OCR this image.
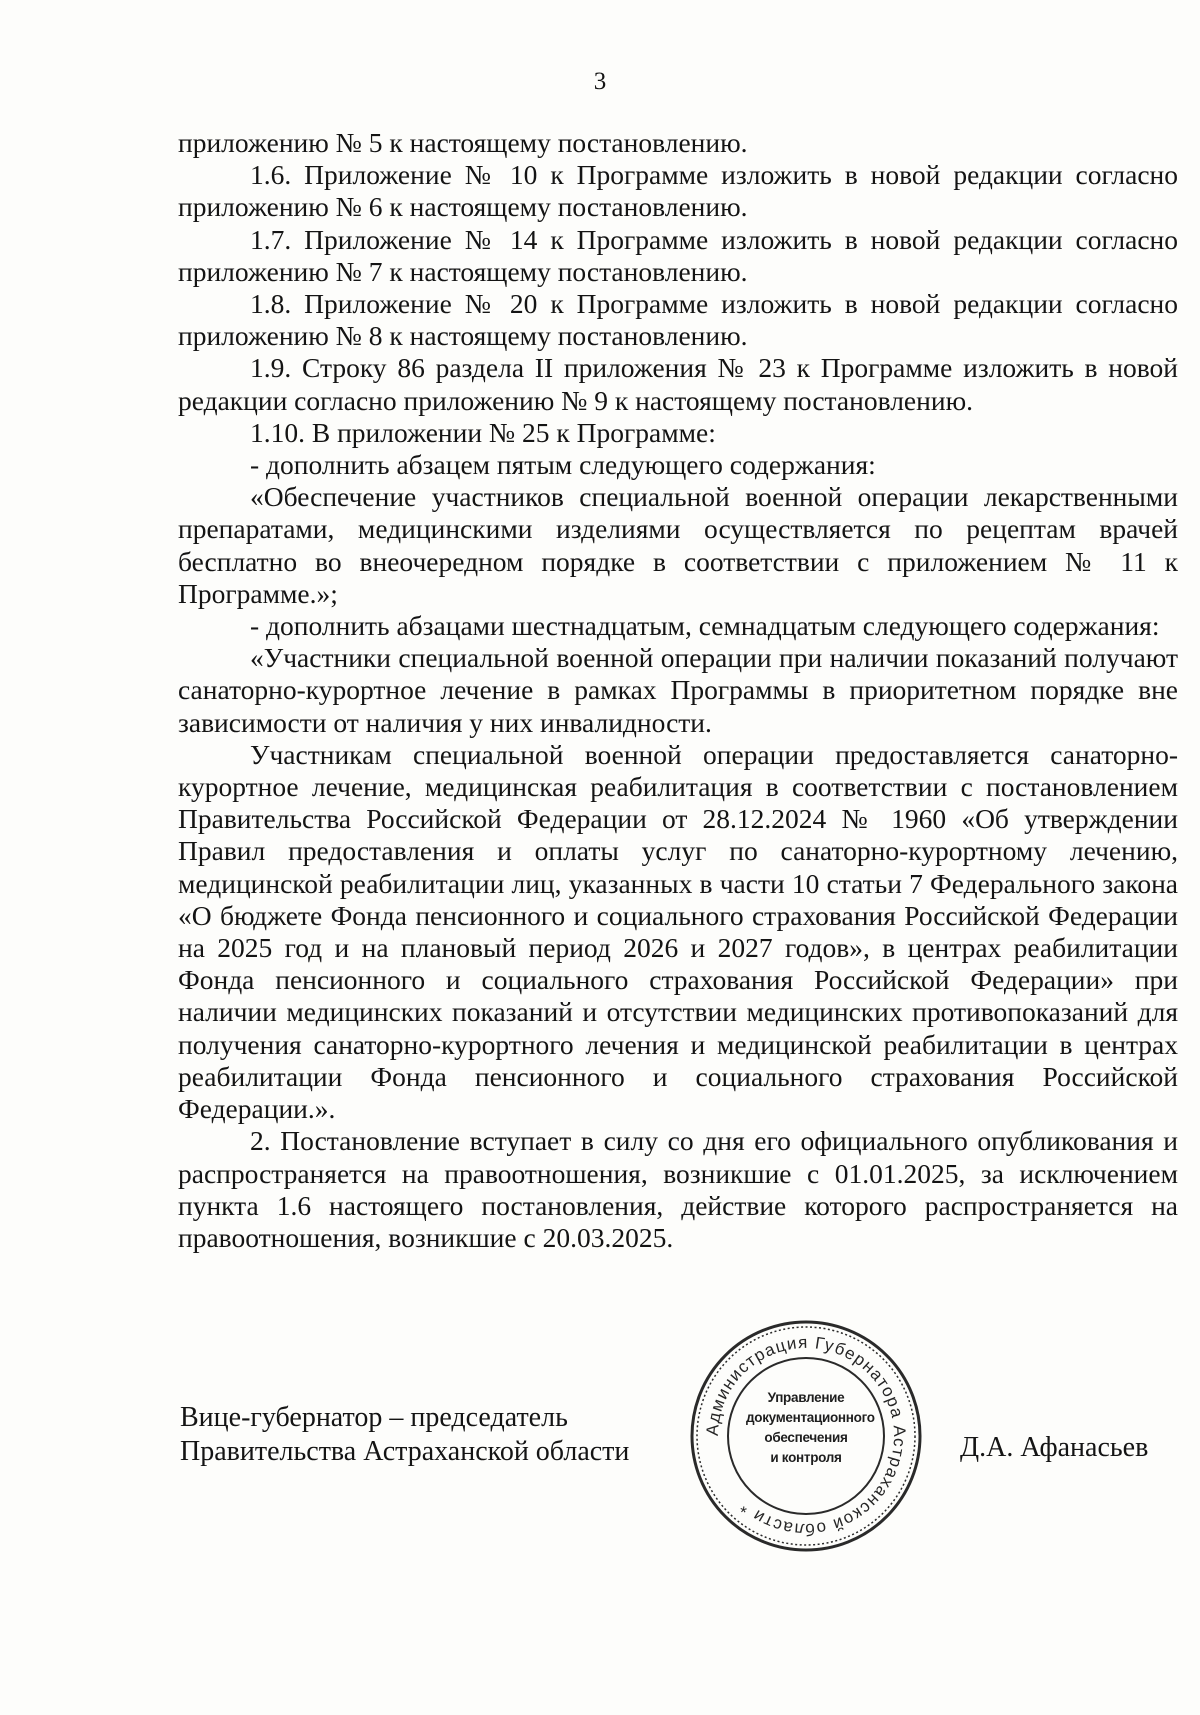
3

приложению № 5 к настоящему постановлению.

1.6. Приложение № 10 к Программе изложить в новой редакции согласно приложению № 6 к настоящему постановлению.

1.7. Приложение № 14 к Программе изложить в новой редакции согласно приложению № 7 к настоящему постановлению.

1.8. Приложение № 20 к Программе изложить в новой редакции согласно приложению № 8 к настоящему постановлению.

1.9. Строку 86 раздела II приложения № 23 к Программе изложить в новой редакции согласно приложению № 9 к настоящему постановлению.

1.10. В приложении № 25 к Программе:

- дополнить абзацем пятым следующего содержания:

«Обеспечение участников специальной военной операции лекарственными препаратами, медицинскими изделиями осуществляется по рецептам врачей бесплатно во внеочередном порядке в соответствии с приложением № 11 к Программе.»;

- дополнить абзацами шестнадцатым, семнадцатым следующего содержания:

«Участники специальной военной операции при наличии показаний получают санаторно-курортное лечение в рамках Программы в приоритетном порядке вне зависимости от наличия у них инвалидности.

Участникам специальной военной операции предоставляется санаторно-курортное лечение, медицинская реабилитация в соответствии с постановлением Правительства Российской Федерации от 28.12.2024 № 1960 «Об утверждении Правил предоставления и оплаты услуг по санаторно-курортному лечению, медицинской реабилитации лиц, указанных в части 10 статьи 7 Федерального закона «О бюджете Фонда пенсионного и социального страхования Российской Федерации на 2025 год и на плановый период 2026 и 2027 годов», в центрах реабилитации Фонда пенсионного и социального страхования Российской Федерации» при наличии медицинских показаний и отсутствии медицинских противопоказаний для получения санаторно-курортного лечения и медицинской реабилитации в центрах реабилитации Фонда пенсионного и социального страхования Российской Федерации.».

2. Постановление вступает в силу со дня его официального опубликования и распространяется на правоотношения, возникшие с 01.01.2025, за исключением пункта 1.6 настоящего постановления, действие которого распространяется на правоотношения, возникшие с 20.03.2025.

Вице-губернатор – председатель
Правительства Астраханской области	Д.А. Афанасьев
Администрация Губернатора Астраханской области *
Управление
документационного
обеспечения
и контроля
